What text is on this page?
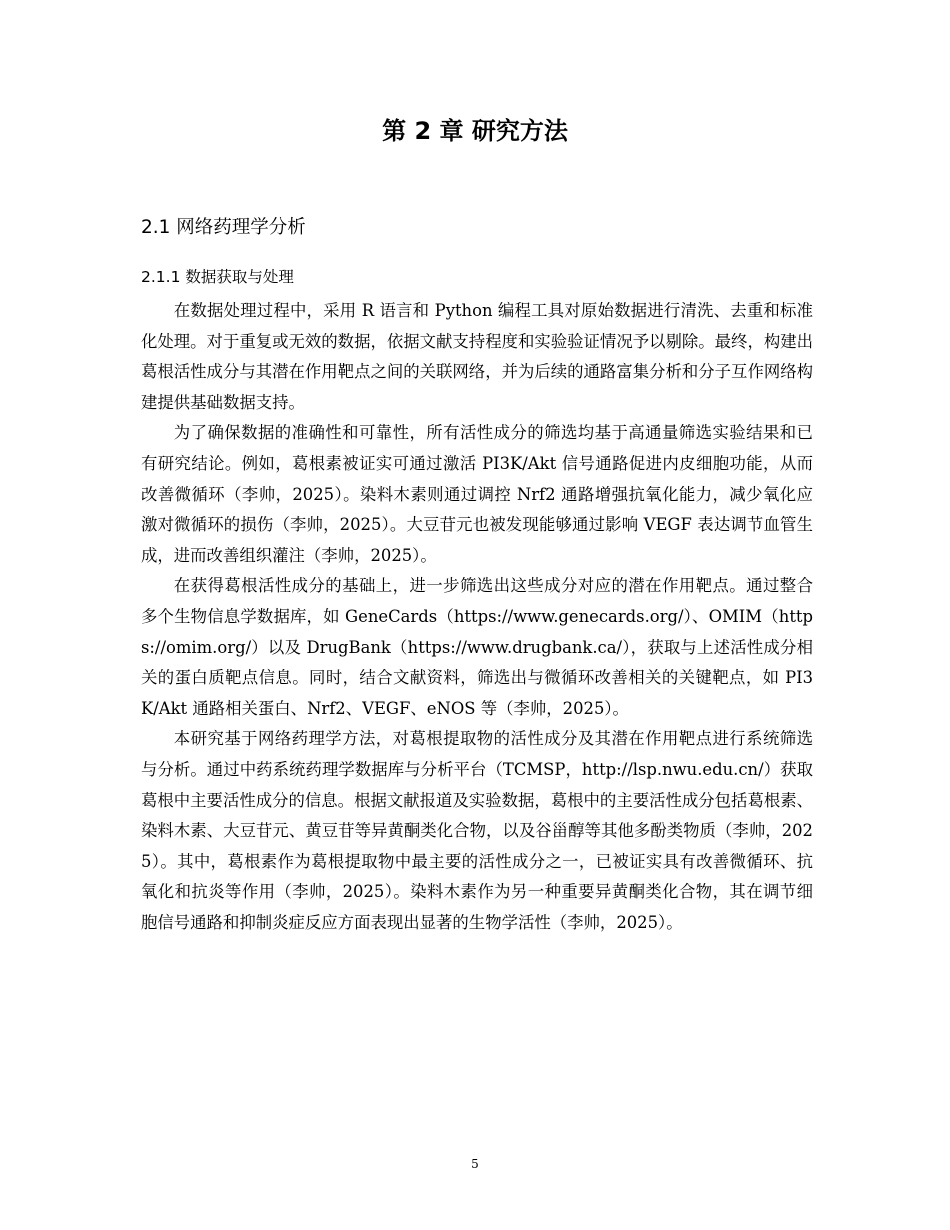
第 2 章 研究方法
2.1 网络药理学分析
2.1.1 数据获取与处理

在数据处理过程中，采用 R 语言和 Python 编程工具对原始数据进行清洗、去重和标准化处理。对于重复或无效的数据，依据文献支持程度和实验验证情况予以剔除。最终，构建出葛根活性成分与其潜在作用靶点之间的关联网络，并为后续的通路富集分析和分子互作网络构建提供基础数据支持。

为了确保数据的准确性和可靠性，所有活性成分的筛选均基于高通量筛选实验结果和已有研究结论。例如，葛根素被证实可通过激活 PI3K/Akt 信号通路促进内皮细胞功能，从而改善微循环（李帅，2025）。染料木素则通过调控 Nrf2 通路增强抗氧化能力，减少氧化应激对微循环的损伤（李帅，2025）。大豆苷元也被发现能够通过影响 VEGF 表达调节血管生成，进而改善组织灌注（李帅，2025）。

在获得葛根活性成分的基础上，进一步筛选出这些成分对应的潜在作用靶点。通过整合多个生物信息学数据库，如 GeneCards（https://www.genecards.org/）、OMIM（https://omim.org/）以及 DrugBank（https://www.drugbank.ca/），获取与上述活性成分相关的蛋白质靶点信息。同时，结合文献资料，筛选出与微循环改善相关的关键靶点，如 PI3K/Akt 通路相关蛋白、Nrf2、VEGF、eNOS 等（李帅，2025）。

本研究基于网络药理学方法，对葛根提取物的活性成分及其潜在作用靶点进行系统筛选与分析。通过中药系统药理学数据库与分析平台（TCMSP，http://lsp.nwu.edu.cn/）获取葛根中主要活性成分的信息。根据文献报道及实验数据，葛根中的主要活性成分包括葛根素、染料木素、大豆苷元、黄豆苷等异黄酮类化合物，以及谷甾醇等其他多酚类物质（李帅，2025）。其中，葛根素作为葛根提取物中最主要的活性成分之一，已被证实具有改善微循环、抗氧化和抗炎等作用（李帅，2025）。染料木素作为另一种重要异黄酮类化合物，其在调节细胞信号通路和抑制炎症反应方面表现出显著的生物学活性（李帅，2025）。

5
